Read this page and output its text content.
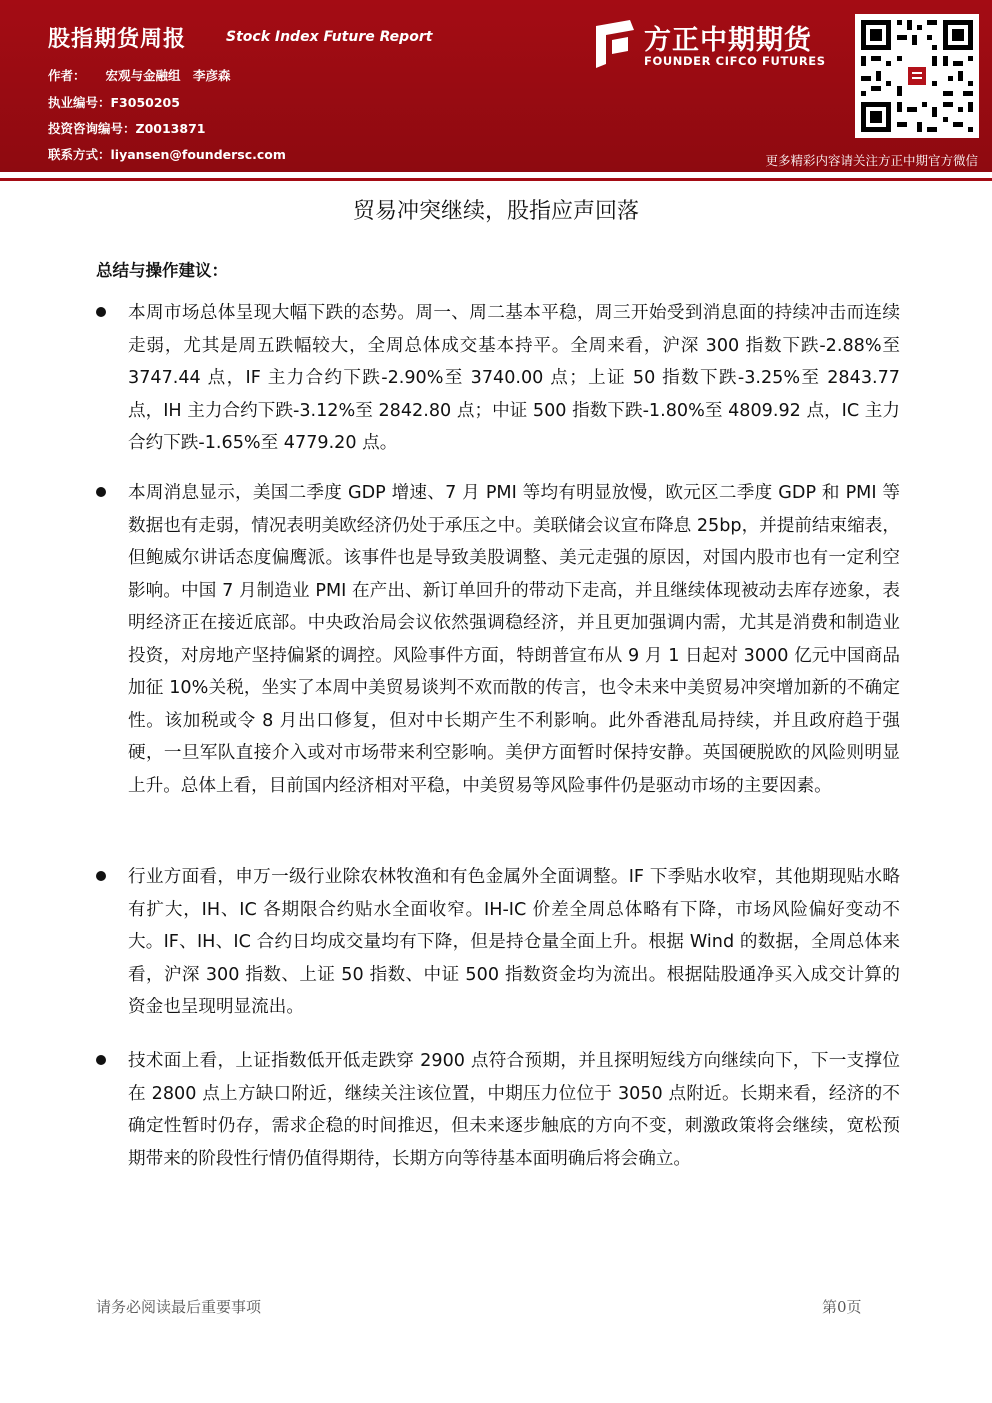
股指期货周报	Stock Index Future Report
作者： 宏观与金融组　李彦森
执业编号：F3050205
投资咨询编号：Z0013871
联系方式：liyansen@foundersc.com
方正中期期货
FOUNDER CIFCO FUTURES
更多精彩内容请关注方正中期官方微信
贸易冲突继续，股指应声回落
总结与操作建议：
本周市场总体呈现大幅下跌的态势。周一、周二基本平稳，周三开始受到消息面的持续冲击而连续走弱，尤其是周五跌幅较大，全周总体成交基本持平。全周来看，沪深 300 指数下跌-2.88%至 3747.44 点，IF 主力合约下跌-2.90%至 3740.00 点；上证 50 指数下跌-3.25%至 2843.77 点，IH 主力合约下跌-3.12%至 2842.80 点；中证 500 指数下跌-1.80%至 4809.92 点，IC 主力合约下跌-1.65%至 4779.20 点。
本周消息显示，美国二季度 GDP 增速、7 月 PMI 等均有明显放慢，欧元区二季度 GDP 和 PMI 等数据也有走弱，情况表明美欧经济仍处于承压之中。美联储会议宣布降息 25bp，并提前结束缩表，但鲍威尔讲话态度偏鹰派。该事件也是导致美股调整、美元走强的原因，对国内股市也有一定利空影响。中国 7 月制造业 PMI 在产出、新订单回升的带动下走高，并且继续体现被动去库存迹象，表明经济正在接近底部。中央政治局会议依然强调稳经济，并且更加强调内需，尤其是消费和制造业投资，对房地产坚持偏紧的调控。风险事件方面，特朗普宣布从 9 月 1 日起对 3000 亿元中国商品加征 10%关税，坐实了本周中美贸易谈判不欢而散的传言，也令未来中美贸易冲突增加新的不确定性。该加税或令 8 月出口修复，但对中长期产生不利影响。此外香港乱局持续，并且政府趋于强硬，一旦军队直接介入或对市场带来利空影响。美伊方面暂时保持安静。英国硬脱欧的风险则明显上升。总体上看，目前国内经济相对平稳，中美贸易等风险事件仍是驱动市场的主要因素。
行业方面看，申万一级行业除农林牧渔和有色金属外全面调整。IF 下季贴水收窄，其他期现贴水略有扩大，IH、IC 各期限合约贴水全面收窄。IH-IC 价差全周总体略有下降，市场风险偏好变动不大。IF、IH、IC 合约日均成交量均有下降，但是持仓量全面上升。根据 Wind 的数据，全周总体来看，沪深 300 指数、上证 50 指数、中证 500 指数资金均为流出。根据陆股通净买入成交计算的资金也呈现明显流出。
技术面上看，上证指数低开低走跌穿 2900 点符合预期，并且探明短线方向继续向下，下一支撑位在 2800 点上方缺口附近，继续关注该位置，中期压力位位于 3050 点附近。长期来看，经济的不确定性暂时仍存，需求企稳的时间推迟，但未来逐步触底的方向不变，刺激政策将会继续，宽松预期带来的阶段性行情仍值得期待，长期方向等待基本面明确后将会确立。
请务必阅读最后重要事项	第0页
